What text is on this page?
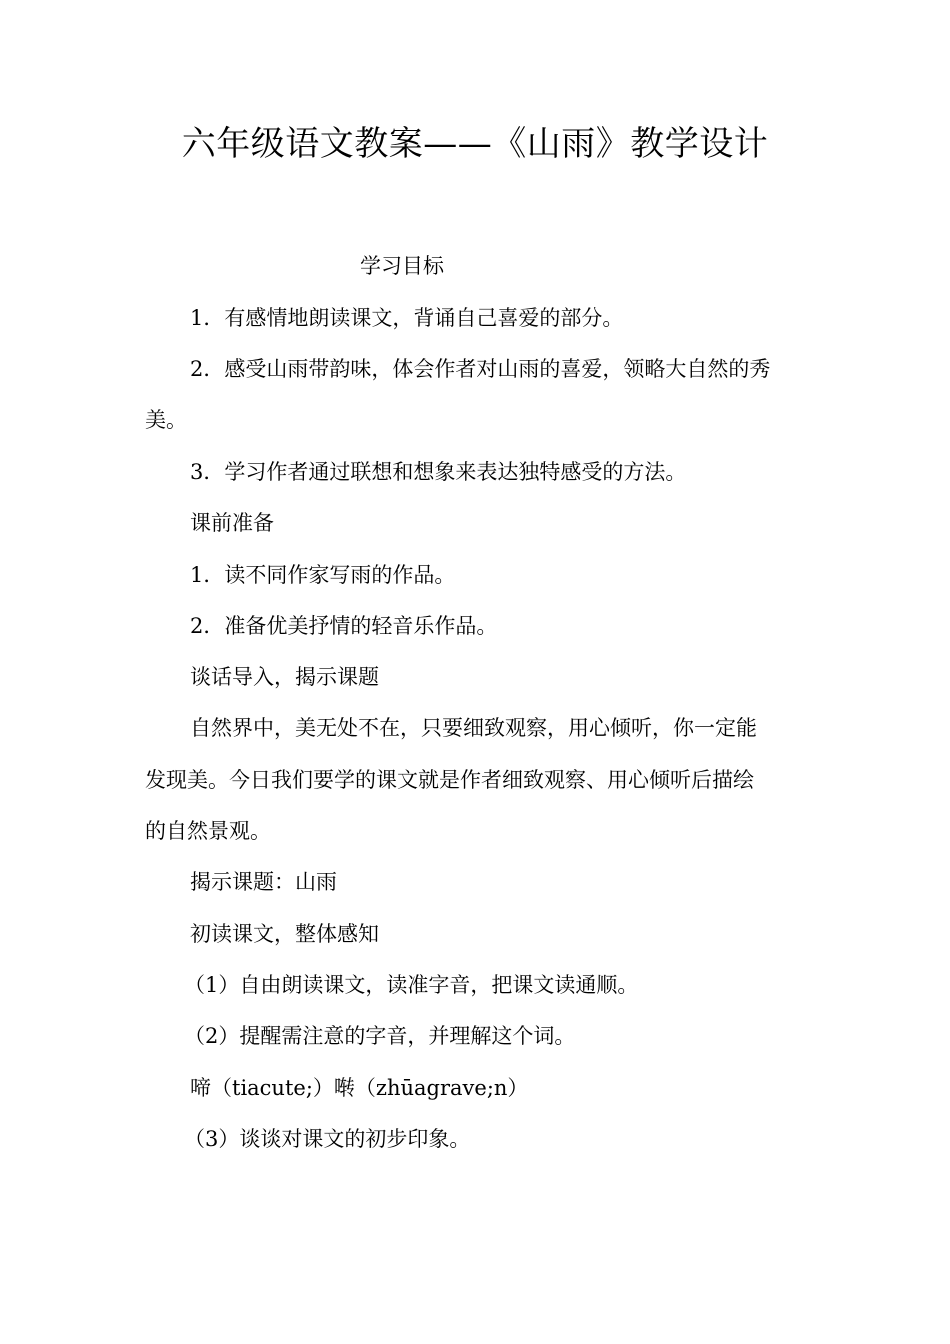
六年级语文教案——《山雨》教学设计
学习目标
1．有感情地朗读课文，背诵自己喜爱的部分。
2．感受山雨带韵味，体会作者对山雨的喜爱，领略大自然的秀
美。
3．学习作者通过联想和想象来表达独特感受的方法。
课前准备
1．读不同作家写雨的作品。
2．准备优美抒情的轻音乐作品。
谈话导入，揭示课题
自然界中，美无处不在，只要细致观察，用心倾听，你一定能
发现美。今日我们要学的课文就是作者细致观察、用心倾听后描绘
的自然景观。
揭示课题：山雨
初读课文，整体感知
（1）自由朗读课文，读准字音，把课文读通顺。
（2）提醒需注意的字音，并理解这个词。
啼（tiacute;）啭（zhūagrave;n）
（3）谈谈对课文的初步印象。
